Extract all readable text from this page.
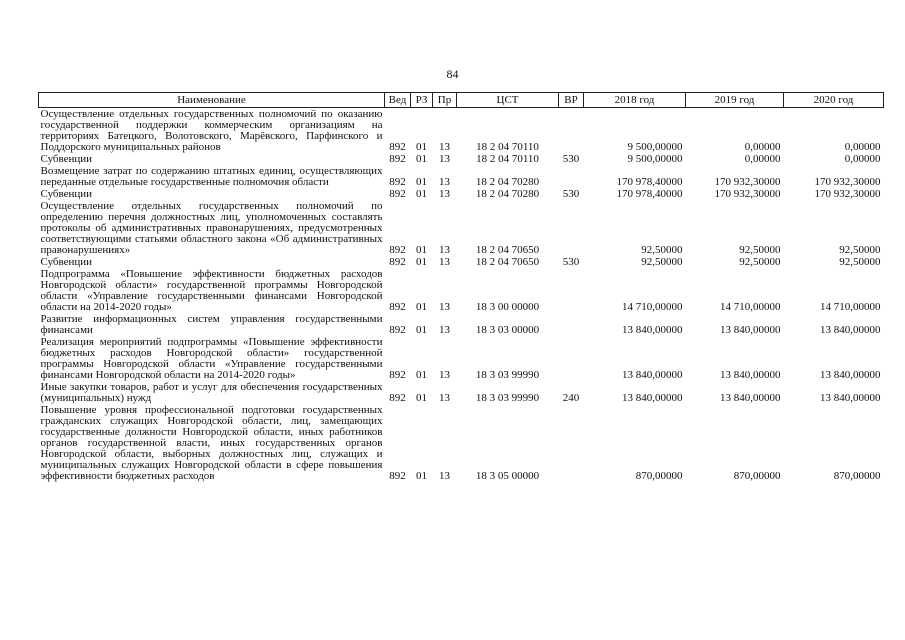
84
Наименование	Вед	РЗ	Пр	ЦСТ	ВР	2018 год	2019 год	2020 год
Осуществление отдельных государственных полномочий по оказанию государственной поддержки коммерческим организациям на территориях Батецкого, Волотовского, Марёвского, Парфинского и Поддорского муниципальных районов	892	01	13	18 2 04 70110		9 500,00000	0,00000	0,00000
Субвенции	892	01	13	18 2 04 70110	530	9 500,00000	0,00000	0,00000
Возмещение затрат по содержанию штатных единиц, осуществляющих переданные отдельные государственные полномочия области	892	01	13	18 2 04 70280		170 978,40000	170 932,30000	170 932,30000
Субвенции	892	01	13	18 2 04 70280	530	170 978,40000	170 932,30000	170 932,30000
Осуществление отдельных государственных полномочий по определению перечня должностных лиц, уполномоченных составлять протоколы об административных правонарушениях, предусмотренных соответствующими статьями областного закона «Об административных правонарушениях»	892	01	13	18 2 04 70650		92,50000	92,50000	92,50000
Субвенции	892	01	13	18 2 04 70650	530	92,50000	92,50000	92,50000
Подпрограмма «Повышение эффективности бюджетных расходов Новгородской области» государственной программы Новгородской области «Управление государственными финансами Новгородской области на 2014-2020 годы»	892	01	13	18 3 00 00000		14 710,00000	14 710,00000	14 710,00000
Развитие информационных систем управления государственными финансами	892	01	13	18 3 03 00000		13 840,00000	13 840,00000	13 840,00000
Реализация мероприятий подпрограммы «Повышение эффективности бюджетных расходов Новгородской области» государственной программы Новгородской области «Управление государственными финансами Новгородской области на 2014-2020 годы»	892	01	13	18 3 03 99990		13 840,00000	13 840,00000	13 840,00000
Иные закупки товаров, работ и услуг для обеспечения государственных (муниципальных) нужд	892	01	13	18 3 03 99990	240	13 840,00000	13 840,00000	13 840,00000
Повышение уровня профессиональной подготовки государственных гражданских служащих Новгородской области, лиц, замещающих государственные должности Новгородской области, иных работников органов государственной власти, иных государственных органов Новгородской области, выборных должностных лиц, служащих и муниципальных служащих Новгородской области в сфере повышения эффективности бюджетных расходов	892	01	13	18 3 05 00000		870,00000	870,00000	870,00000
